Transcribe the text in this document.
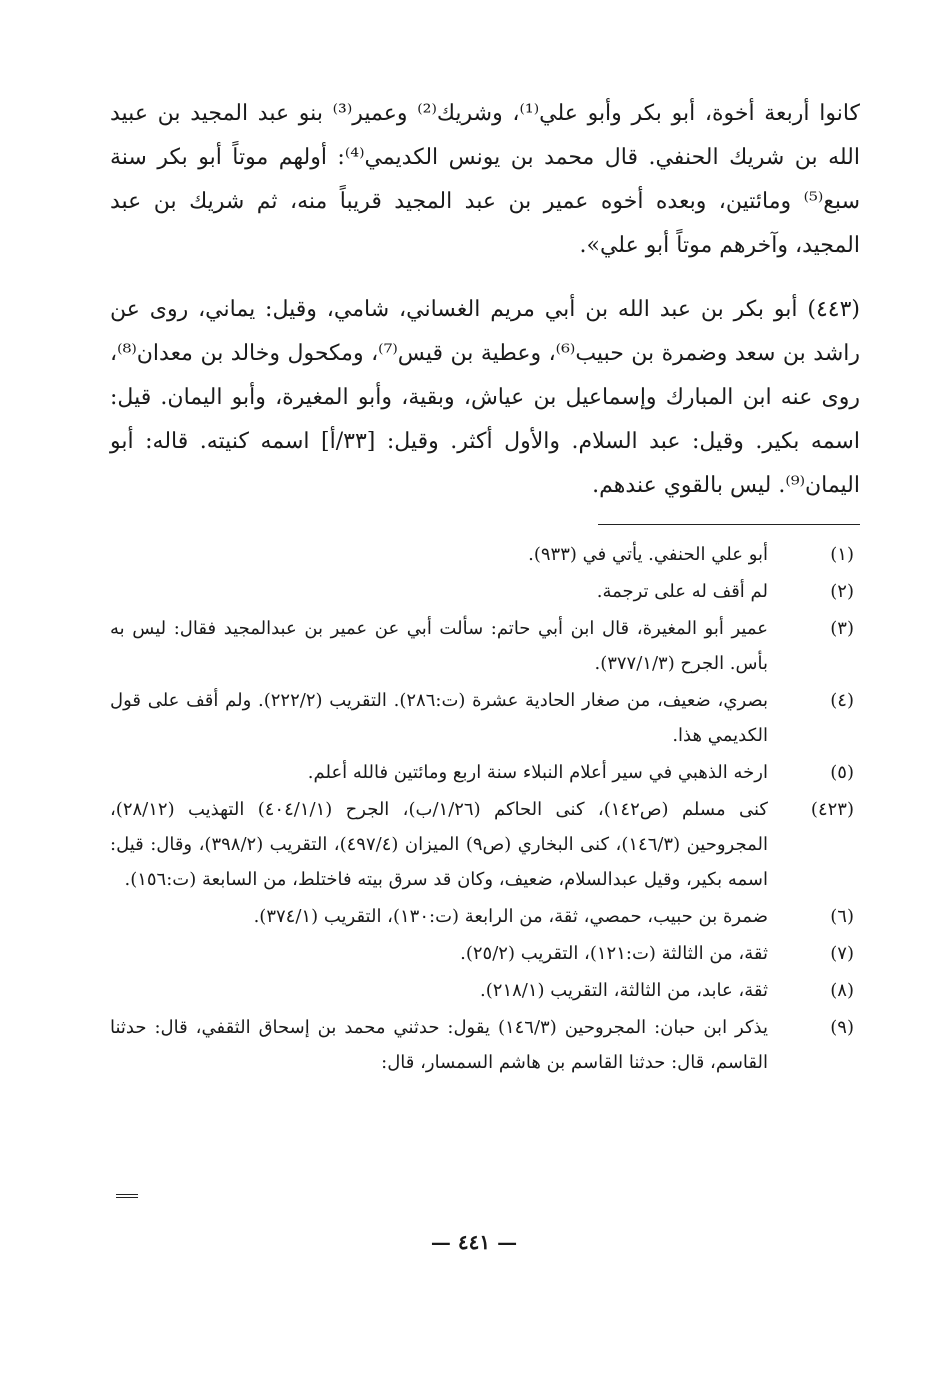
كانوا أربعة أخوة، أبو بكر وأبو علي⁽¹⁾، وشريك⁽²⁾ وعمير⁽³⁾ بنو عبد المجيد بن عبيد الله بن شريك الحنفي. قال محمد بن يونس الكديمي⁽⁴⁾: أولهم موتاً أبو بكر سنة سبع⁽⁵⁾ ومائتين، وبعده أخوه عمير بن عبد المجيد قريباً منه، ثم شريك بن عبد المجيد، وآخرهم موتاً أبو علي».

(٤٤٣) أبو بكر بن عبد الله بن أبي مريم الغساني، شامي، وقيل: يماني، روى عن راشد بن سعد وضمرة بن حبيب⁽⁶⁾، وعطية بن قيس⁽⁷⁾، ومكحول وخالد بن معدان⁽⁸⁾، روى عنه ابن المبارك وإسماعيل بن عياش، وبقية، وأبو المغيرة، وأبو اليمان. قيل: اسمه بكير. وقيل: عبد السلام. والأول أكثر. وقيل: [٣٣/أ] اسمه كنيته. قاله: أبو اليمان⁽⁹⁾. ليس بالقوي عندهم.

(١)
أبو علي الحنفي. يأتي في (٩٣٣).
(٢)
لم أقف له على ترجمة.
(٣)
عمير أبو المغيرة، قال ابن أبي حاتم: سألت أبي عن عمير بن عبدالمجيد فقال: ليس به بأس. الجرح (٣٧٧/١/٣).
(٤)
بصري، ضعيف، من صغار الحادية عشرة (ت:٢٨٦). التقريب (٢٢٢/٢). ولم أقف على قول الكديمي هذا.
(٥)
ارخه الذهبي في سير أعلام النبلاء سنة اربع ومائتين فالله أعلم.
(٤٢٣)
كنى مسلم (ص١٤٢)، كنى الحاكم (١/٢٦/ب)، الجرح (٤٠٤/١/١) التهذيب (٢٨/١٢)، المجروحين (١٤٦/٣)، كنى البخاري (ص٩) الميزان (٤٩٧/٤)، التقريب (٣٩٨/٢)، وقال: قيل: اسمه بكير، وقيل عبدالسلام، ضعيف، وكان قد سرق بيته فاختلط، من السابعة (ت:١٥٦).
(٦)
ضمرة بن حبيب، حمصي، ثقة، من الرابعة (ت:١٣٠)، التقريب (٣٧٤/١).
(٧)
ثقة، من الثالثة (ت:١٢١)، التقريب (٢٥/٢).
(٨)
ثقة، عابد، من الثالثة، التقريب (٢١٨/١).
(٩)
يذكر ابن حبان: المجروحين (١٤٦/٣) يقول: حدثني محمد بن إسحاق الثقفي، قال: حدثنا القاسم، قال: حدثنا القاسم بن هاشم السمسار، قال:
— ٤٤١ —
